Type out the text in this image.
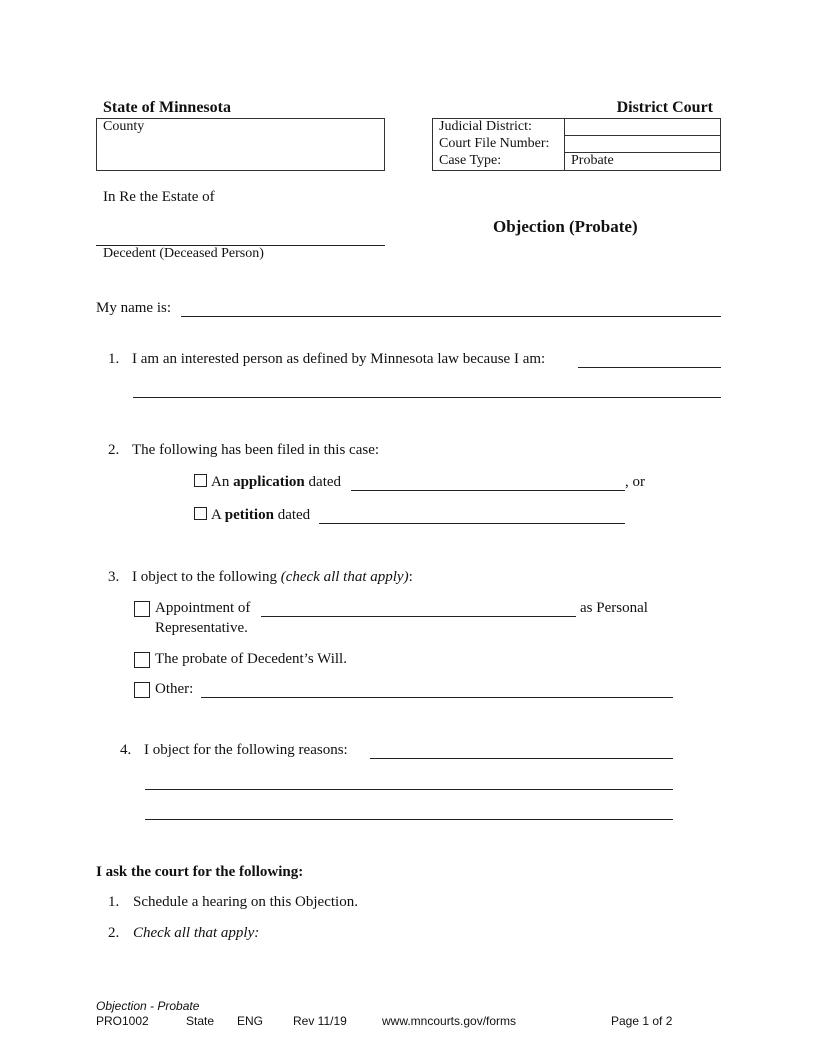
State of Minnesota	District Court
County	Judicial District:
Court File Number:
Case Type:	Probate
In Re the Estate of
Decedent (Deceased Person)
Objection (Probate)
My name is:
1. I am an interested person as defined by Minnesota law because I am:
2. The following has been filed in this case:
An application dated	, or
A petition dated
3. I object to the following (check all that apply):
Appointment of	as Personal
Representative.
The probate of Decedent’s Will.
Other:
4. I object for the following reasons:
I ask the court for the following:
1. Schedule a hearing on this Objection.
2. Check all that apply:
Objection - Probate
PRO1002	State ENG Rev 11/19	www.mncourts.gov/forms	Page 1 of 2
